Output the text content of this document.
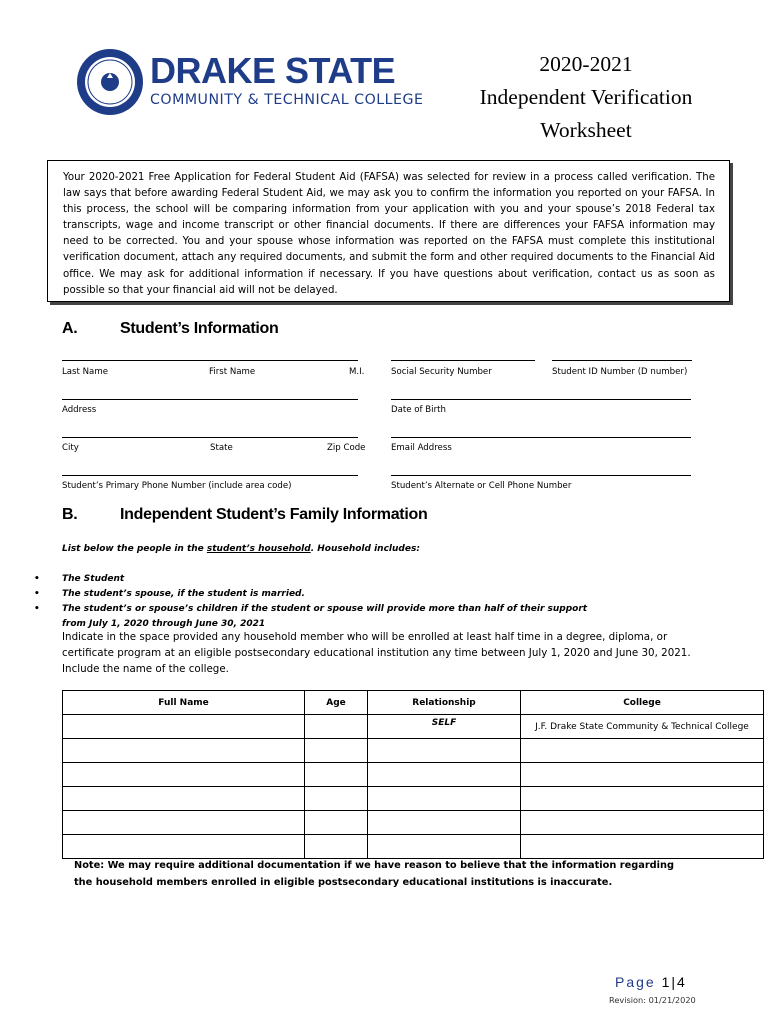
DRAKE STATE
COMMUNITY & TECHNICAL COLLEGE
2020-2021
Independent Verification
Worksheet
Your 2020-2021 Free Application for Federal Student Aid (FAFSA) was selected for review in a process called verification. The law says that before awarding Federal Student Aid, we may ask you to confirm the information you reported on your FAFSA. In this process, the school will be comparing information from your application with you and your spouse’s 2018 Federal tax transcripts, wage and income transcript or other financial documents. If there are differences your FAFSA information may need to be corrected. You and your spouse whose information was reported on the FAFSA must complete this institutional verification document, attach any required documents, and submit the form and other required documents to the Financial Aid office. We may ask for additional information if necessary. If you have questions about verification, contact us as soon as possible so that your financial aid will not be delayed.
A.	Student’s Information
Last Name	First Name	M.I.	Social Security Number	Student ID Number (D number)
Address	Date of Birth
City	State	Zip Code	Email Address
Student’s Primary Phone Number (include area code)	Student’s Alternate or Cell Phone Number
B.	Independent Student’s Family Information
List below the people in the student’s household. Household includes:
• The Student
• The student’s spouse, if the student is married.
• The student’s or spouse’s children if the student or spouse will provide more than half of their support
from July 1, 2020 through June 30, 2021
Indicate in the space provided any household member who will be enrolled at least half time in a degree, diploma, or certificate program at an eligible postsecondary educational institution any time between July 1, 2020 and June 30, 2021. Include the name of the college.
Full Name	Age	Relationship	College
		SELF	J.F. Drake State Community & Technical College

Note: We may require additional documentation if we have reason to believe that the information regarding the household members enrolled in eligible postsecondary educational institutions is inaccurate.
Page 1|4
Revision: 01/21/2020
